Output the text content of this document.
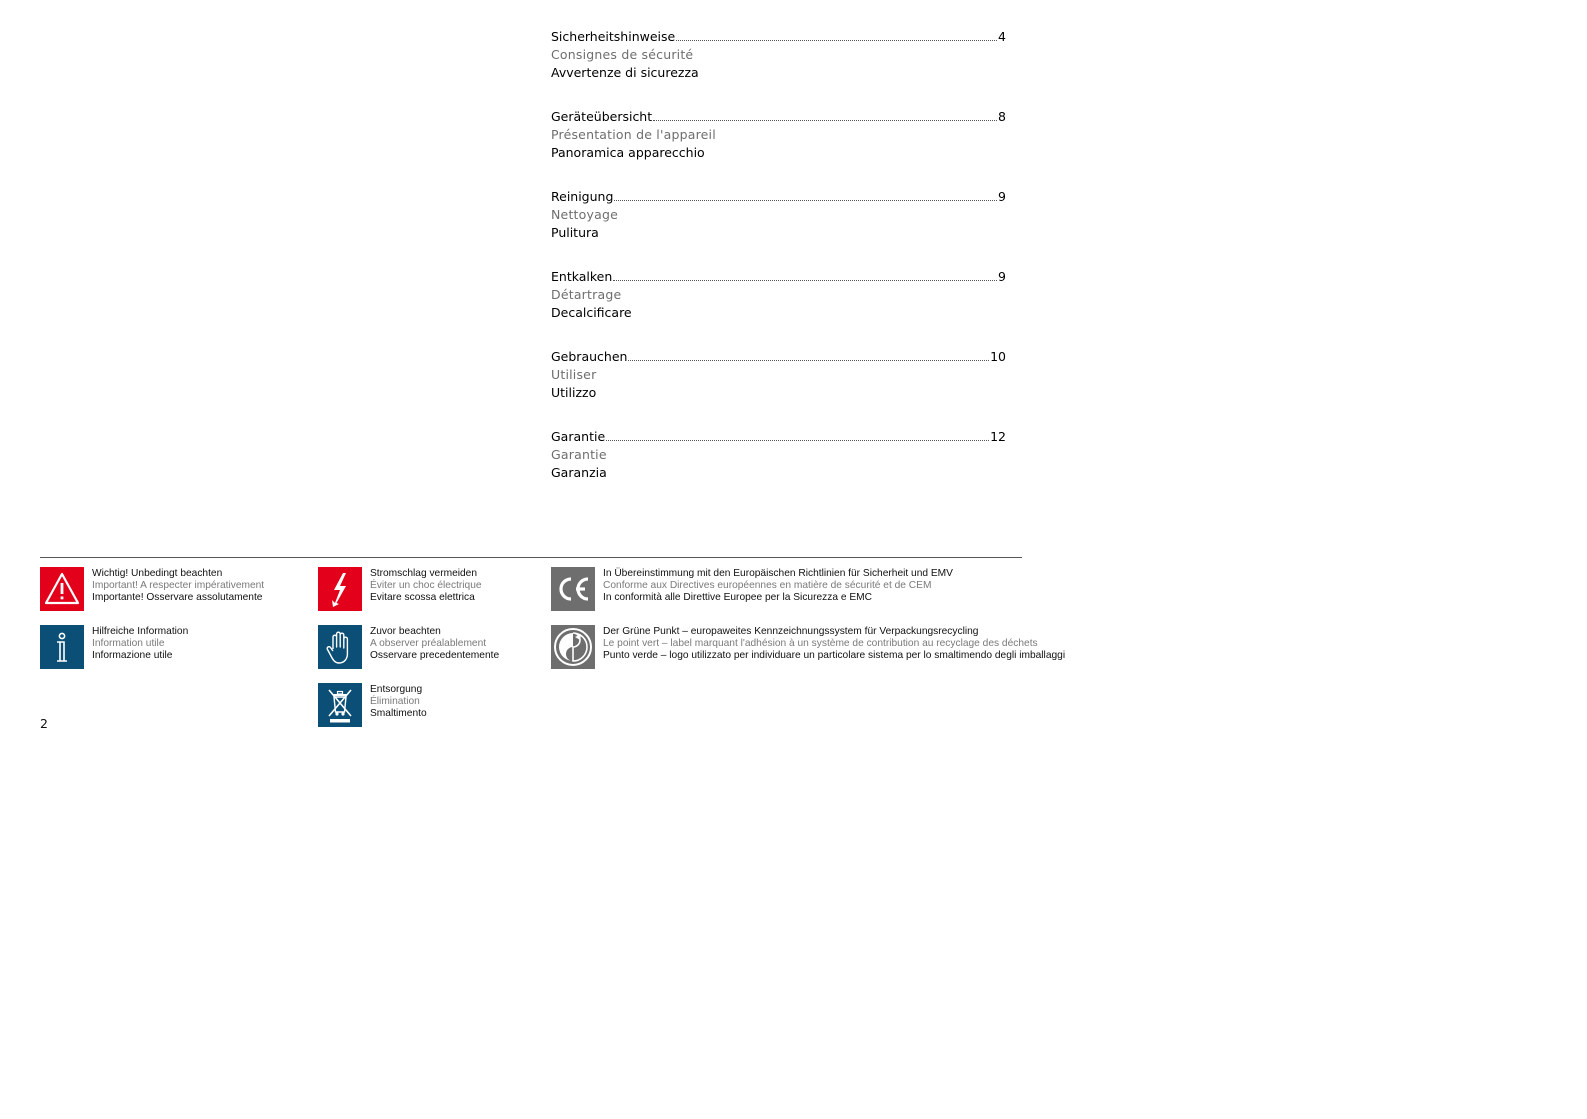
Sicherheitshinweise	4
Consignes de sécurité
Avvertenze di sicurezza
Geräteübersicht	8
Présentation de l'appareil
Panoramica apparecchio
Reinigung	9
Nettoyage
Pulitura
Entkalken	9
Détartrage
Decalcificare
Gebrauchen	10
Utiliser
Utilizzo
Garantie	12
Garantie
Garanzia
Wichtig! Unbedingt beachten
Important! A respecter impérativement
Importante! Osservare assolutamente
Hilfreiche Information
Information utile
Informazione utile
Stromschlag vermeiden
Éviter un choc électrique
Evitare scossa elettrica
Zuvor beachten
A observer préalablement
Osservare precedentemente
Entsorgung
Élimination
Smaltimento
In Übereinstimmung mit den Europäischen Richtlinien für Sicherheit und EMV
Conforme aux Directives européennes en matière de sécurité et de CEM
In conformità alle Direttive Europee per la Sicurezza e EMC
Der Grüne Punkt – europaweites Kennzeichnungssystem für Verpackungsrecycling
Le point vert – label marquant l'adhésion à un système de contribution au recyclage des déchets
Punto verde – logo utilizzato per individuare un particolare sistema per lo smaltimendo degli imballaggi
2
